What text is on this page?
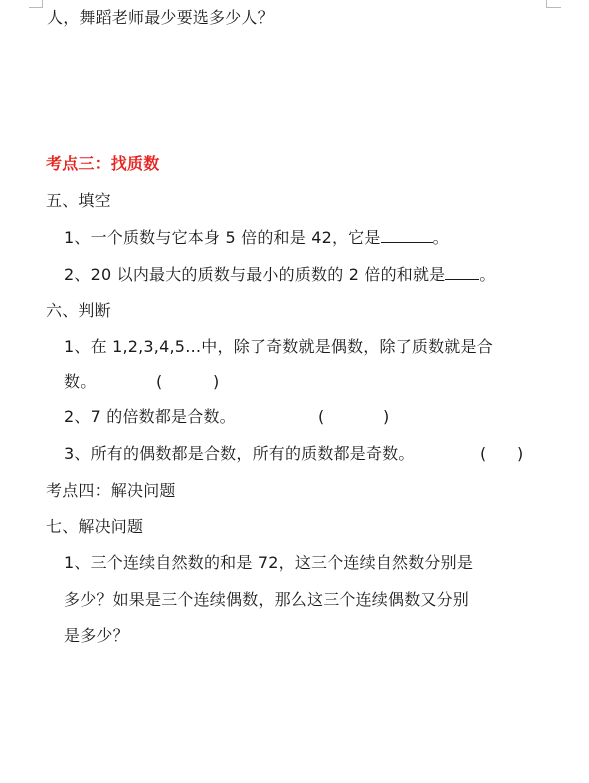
人，舞蹈老师最少要选多少人？
考点三：找质数
五、填空
1、一个质数与它本身 5 倍的和是 42，它是	。
2、20 以内最大的质数与最小的质数的 2 倍的和就是 。
六、判断
1、在 1,2,3,4,5…中，除了奇数就是偶数，除了质数就是合
数。	(	)
2、7 的倍数都是合数。	(	)
3、所有的偶数都是合数，所有的质数都是奇数。	( )
考点四：解决问题
七、解决问题
1、三个连续自然数的和是 72，这三个连续自然数分别是
多少？如果是三个连续偶数，那么这三个连续偶数又分别
是多少？
